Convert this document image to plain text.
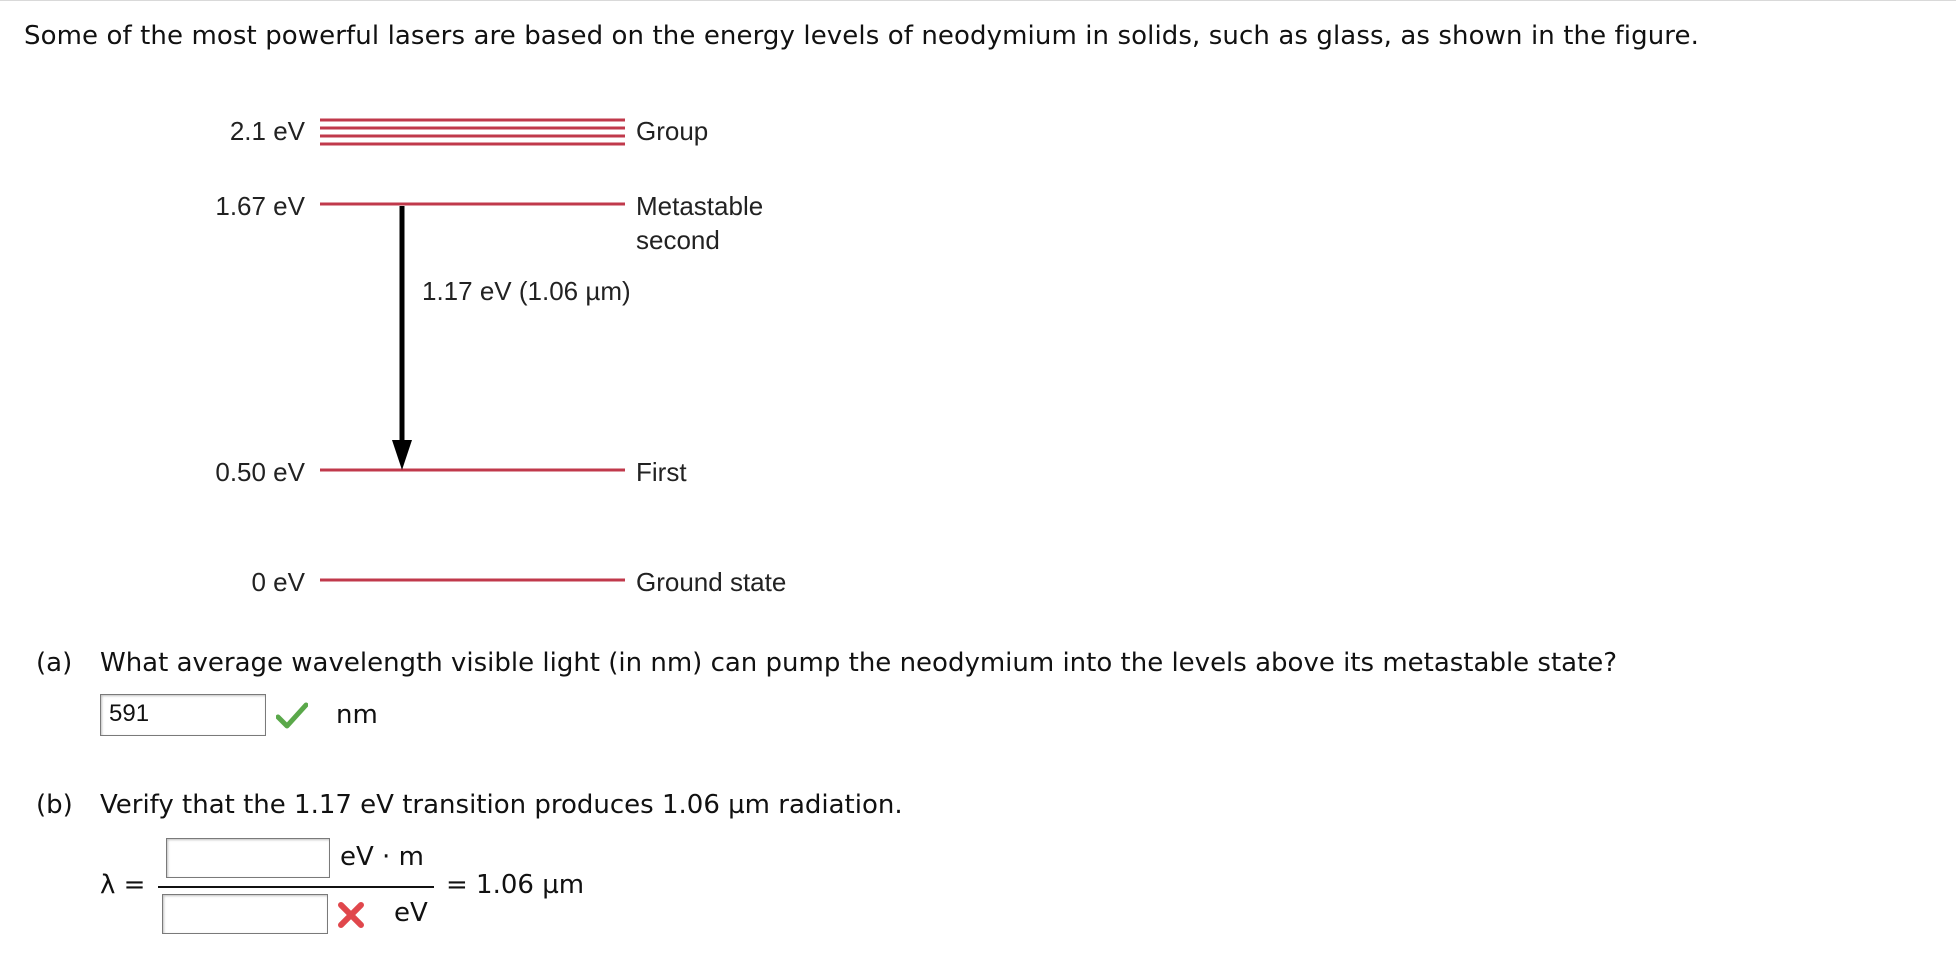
Some of the most powerful lasers are based on the energy levels of neodymium in solids, such as glass, as shown in the figure.
2.1 eV
1.67 eV
0.50 eV
0 eV
Group
Metastable
second
First
Ground state
1.17 eV (1.06 µm)
(a) What average wavelength visible light (in nm) can pump the neodymium into the levels above its metastable state?
591	nm
(b) Verify that the 1.17 eV transition produces 1.06 µm radiation.
λ =
eV · m
eV
= 1.06 µm
